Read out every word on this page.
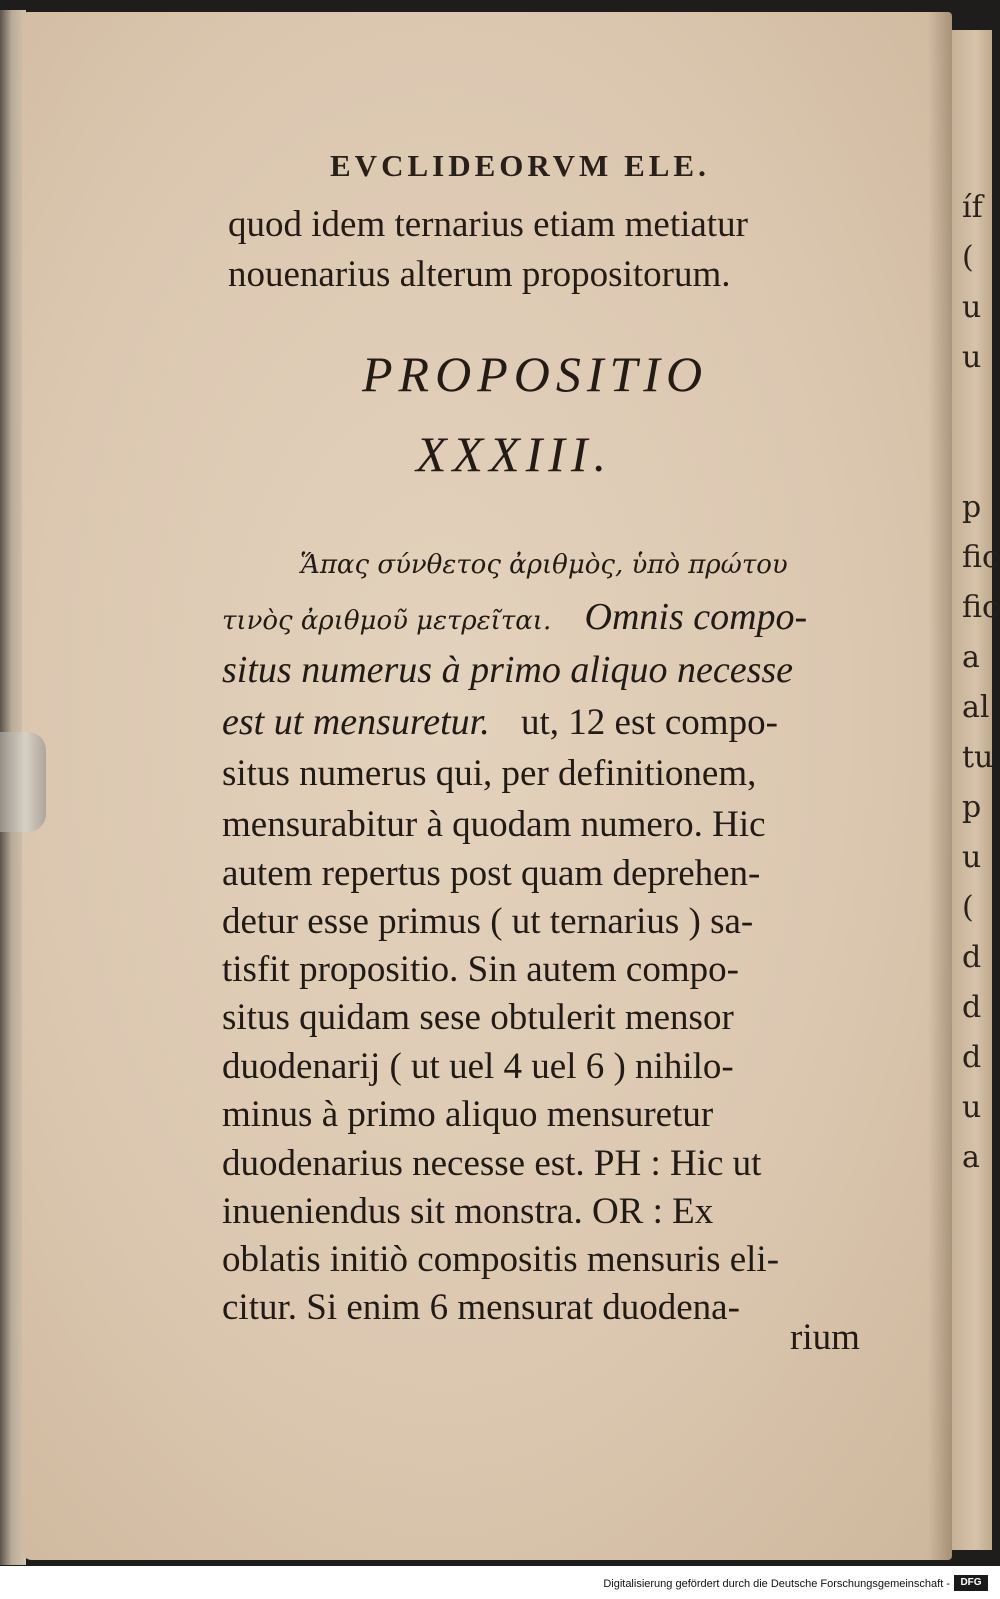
íf
(
u
u
p
fic
fic
a
al
tu
p
u
(
d
d
d
u
a
EVCLIDEORVM ELE.
quod idem ternarius etiam metiatur
nouenarius alterum propositorum.
PROPOSITIO
XXXIII.
Ἅπας σύνθετος ἀριθμὸς, ὑπὸ πρώτου
τινὸς ἀριθμοῦ μετρεῖται. Omnis compo-
situs numerus à primo aliquo necesse
est ut mensuretur. ut, 12 est compo-
situs numerus qui, per definitionem,
mensurabitur à quodam numero. Hic
autem repertus post quam deprehen-
detur esse primus ( ut ternarius ) sa-
tisfit propositio. Sin autem compo-
situs quidam sese obtulerit mensor
duodenarij ( ut uel 4 uel 6 ) nihilo-
minus à primo aliquo mensuretur
duodenarius necesse est. PH : Hic ut
inueniendus sit monstra. OR : Ex
oblatis initiò compositis mensuris eli-
citur. Si enim 6 mensurat duodena-
rium
Digitalisierung gefördert durch die Deutsche Forschungsgemeinschaft -	DFG
